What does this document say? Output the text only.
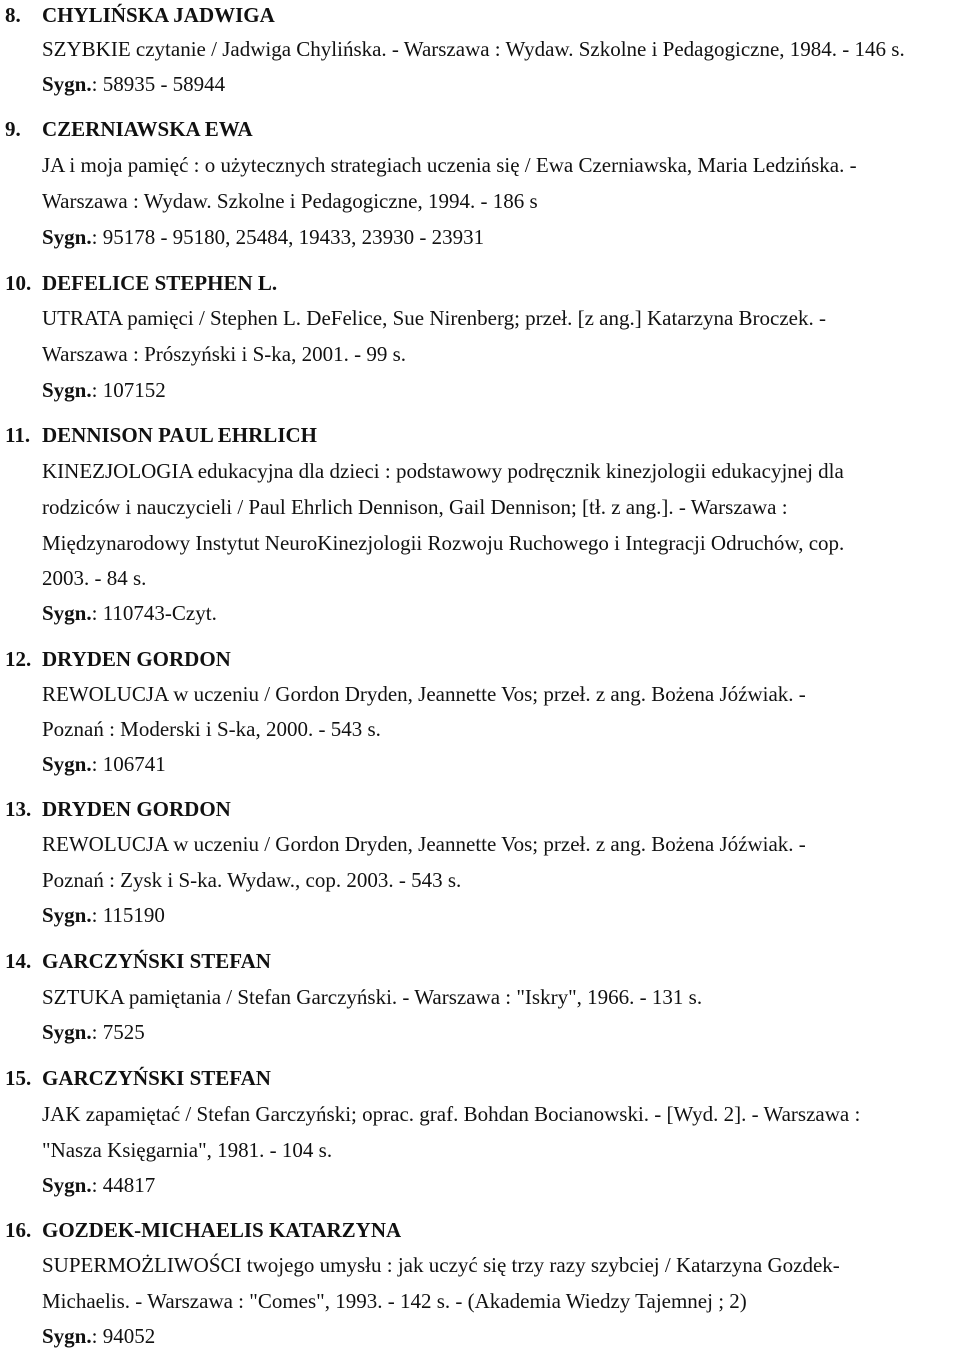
8. CHYLIŃSKA JADWIGA
SZYBKIE czytanie / Jadwiga Chylińska. - Warszawa : Wydaw. Szkolne i Pedagogiczne, 1984. - 146 s.
Sygn.: 58935 - 58944
9. CZERNIAWSKA EWA
JA i moja pamięć : o użytecznych strategiach uczenia się / Ewa Czerniawska, Maria Ledzińska. -
Warszawa : Wydaw. Szkolne i Pedagogiczne, 1994. - 186 s
Sygn.: 95178 - 95180, 25484, 19433, 23930 - 23931
10. DEFELICE STEPHEN L.
UTRATA pamięci / Stephen L. DeFelice, Sue Nirenberg; przeł. [z ang.] Katarzyna Broczek. -
Warszawa : Prószyński i S-ka, 2001. - 99 s.
Sygn.: 107152
11. DENNISON PAUL EHRLICH
KINEZJOLOGIA edukacyjna dla dzieci : podstawowy podręcznik kinezjologii edukacyjnej dla
rodziców i nauczycieli / Paul Ehrlich Dennison, Gail Dennison; [tł. z ang.]. - Warszawa :
Międzynarodowy Instytut NeuroKinezjologii Rozwoju Ruchowego i Integracji Odruchów, cop.
2003. - 84 s.
Sygn.: 110743-Czyt.
12. DRYDEN GORDON
REWOLUCJA w uczeniu / Gordon Dryden, Jeannette Vos; przeł. z ang. Bożena Jóźwiak. -
Poznań : Moderski i S-ka, 2000. - 543 s.
Sygn.: 106741
13. DRYDEN GORDON
REWOLUCJA w uczeniu / Gordon Dryden, Jeannette Vos; przeł. z ang. Bożena Jóźwiak. -
Poznań : Zysk i S-ka. Wydaw., cop. 2003. - 543 s.
Sygn.: 115190
14. GARCZYŃSKI STEFAN
SZTUKA pamiętania / Stefan Garczyński. - Warszawa : "Iskry", 1966. - 131 s.
Sygn.: 7525
15. GARCZYŃSKI STEFAN
JAK zapamiętać / Stefan Garczyński; oprac. graf. Bohdan Bocianowski. - [Wyd. 2]. - Warszawa :
"Nasza Księgarnia", 1981. - 104 s.
Sygn.: 44817
16. GOZDEK-MICHAELIS KATARZYNA
SUPERMOŻLIWOŚCI twojego umysłu : jak uczyć się trzy razy szybciej / Katarzyna Gozdek-
Michaelis. - Warszawa : "Comes", 1993. - 142 s. - (Akademia Wiedzy Tajemnej ; 2)
Sygn.: 94052
